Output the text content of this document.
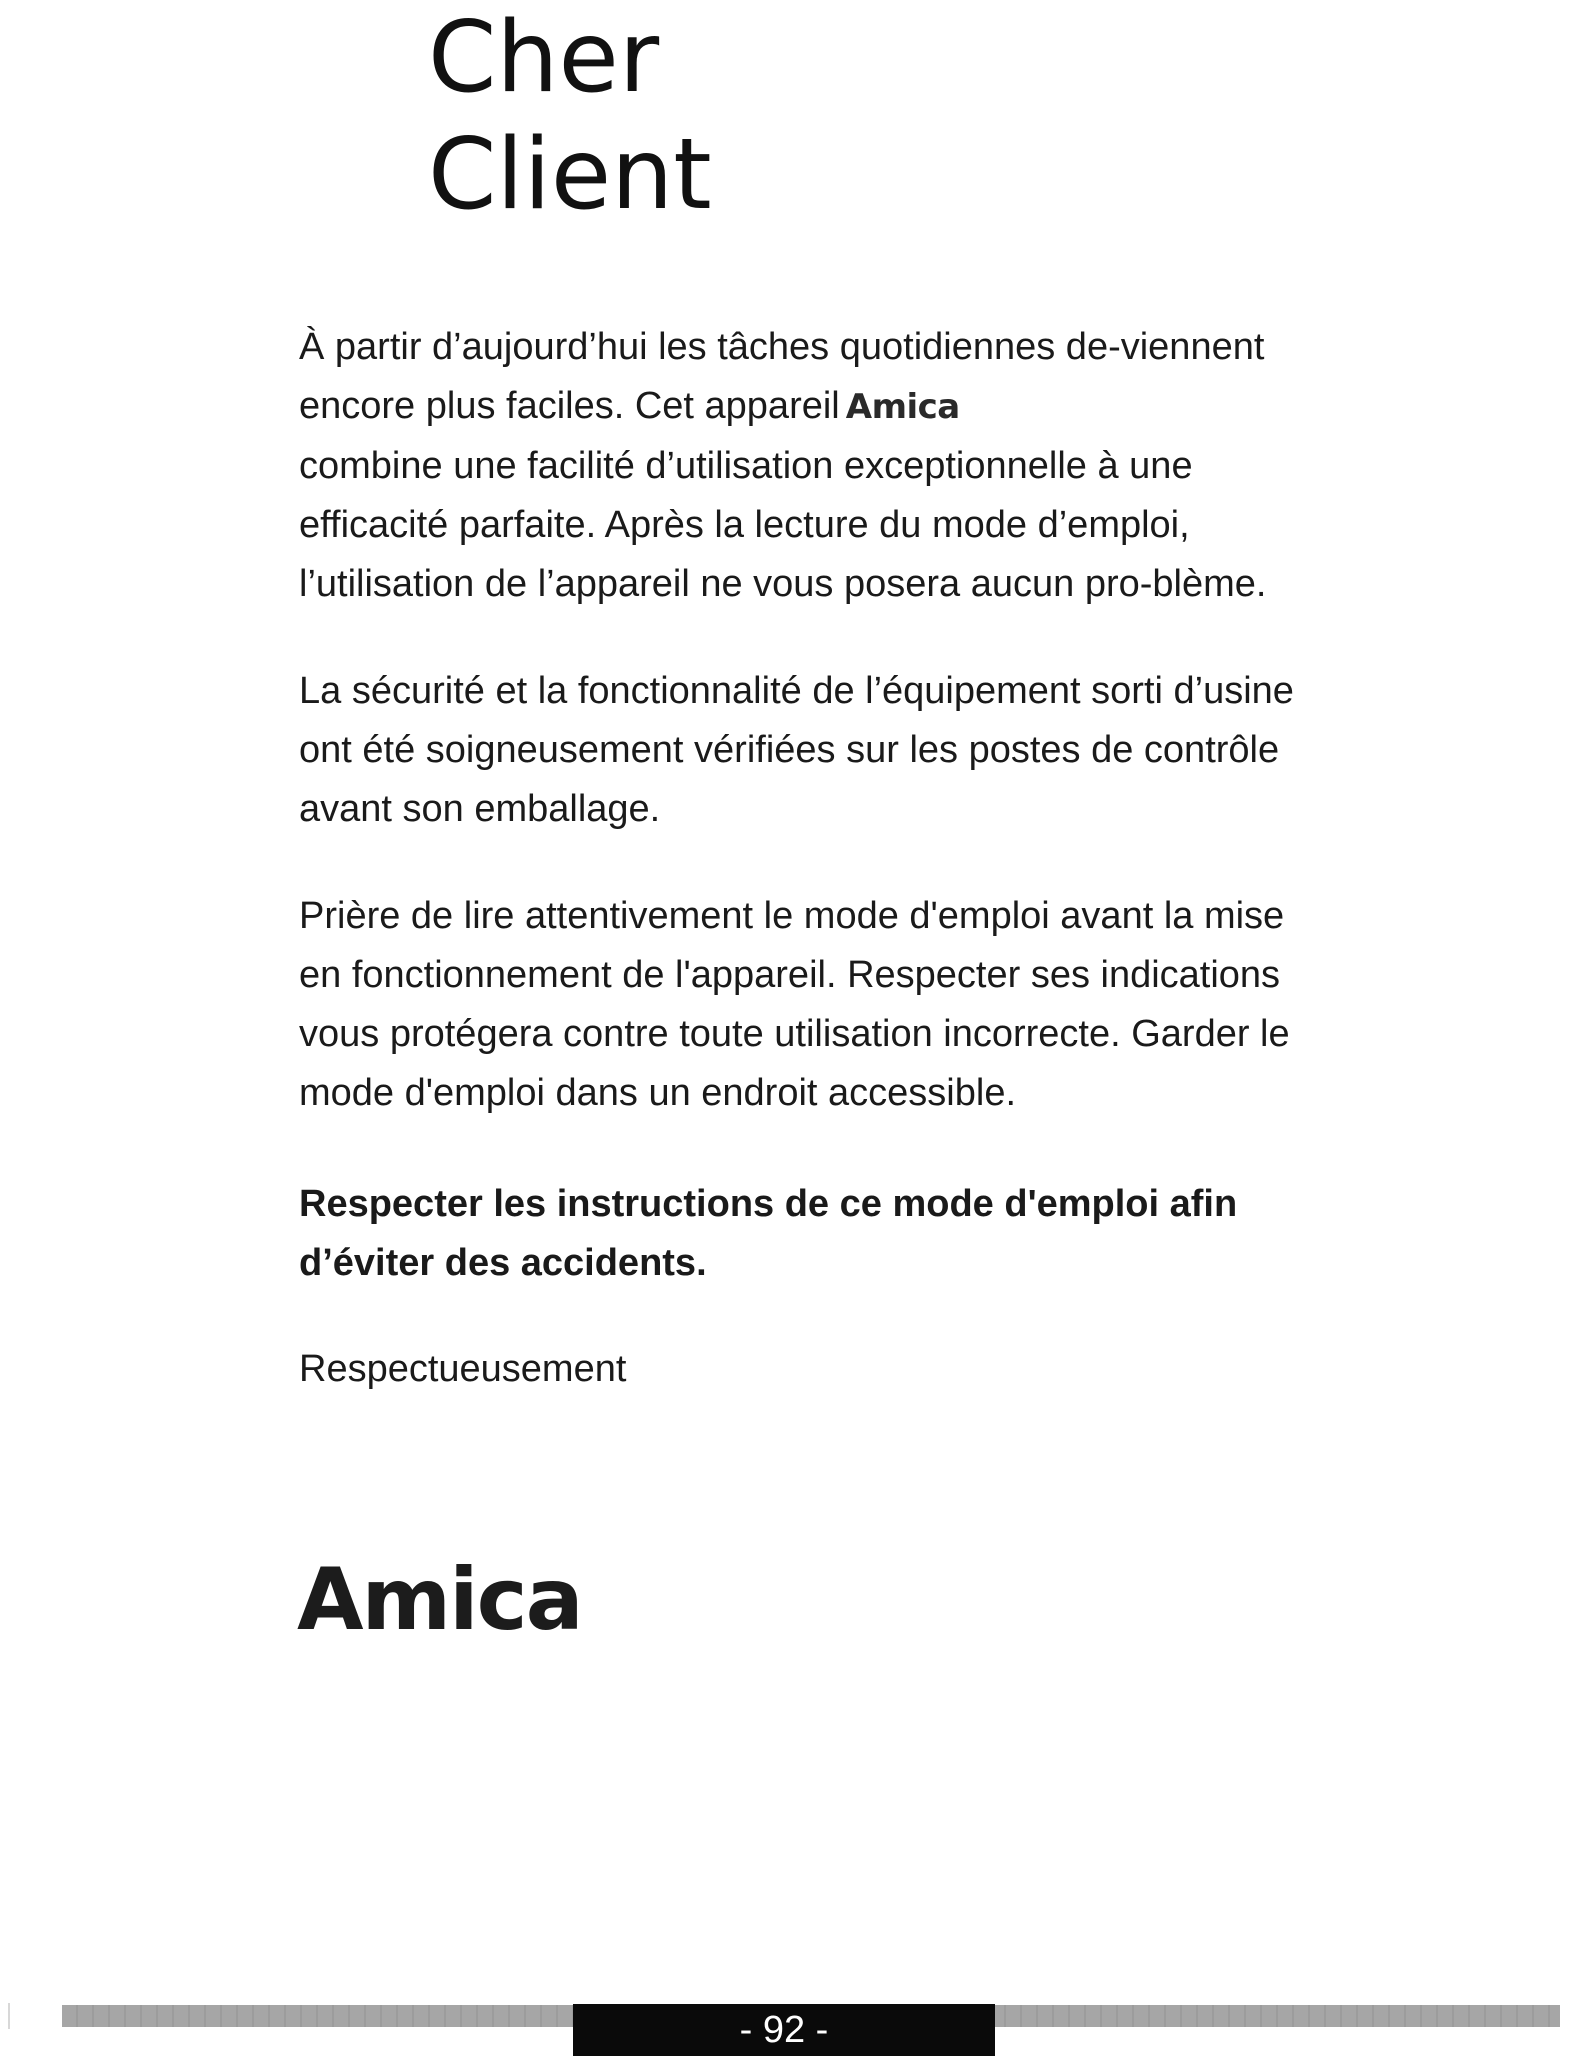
Cher
Client

À partir d’aujourd’hui les tâches quotidiennes de-viennent encore plus faciles. Cet appareil Amica
combine une facilité d’utilisation exceptionnelle à une efficacité parfaite. Après la lecture du mode d’emploi, l’utilisation de l’appareil ne vous posera aucun pro-blème.

La sécurité et la fonctionnalité de l’équipement sorti d’usine ont été soigneusement vérifiées sur les postes de contrôle avant son emballage.

Prière de lire attentivement le mode d'emploi avant la mise en fonctionnement de l'appareil. Respecter ses indications vous protégera contre toute utilisation incorrecte. Garder le mode d'emploi dans un endroit accessible.

Respecter les instructions de ce mode d'emploi afin d’éviter des accidents.

Respectueusement

Amica
- 92 -
